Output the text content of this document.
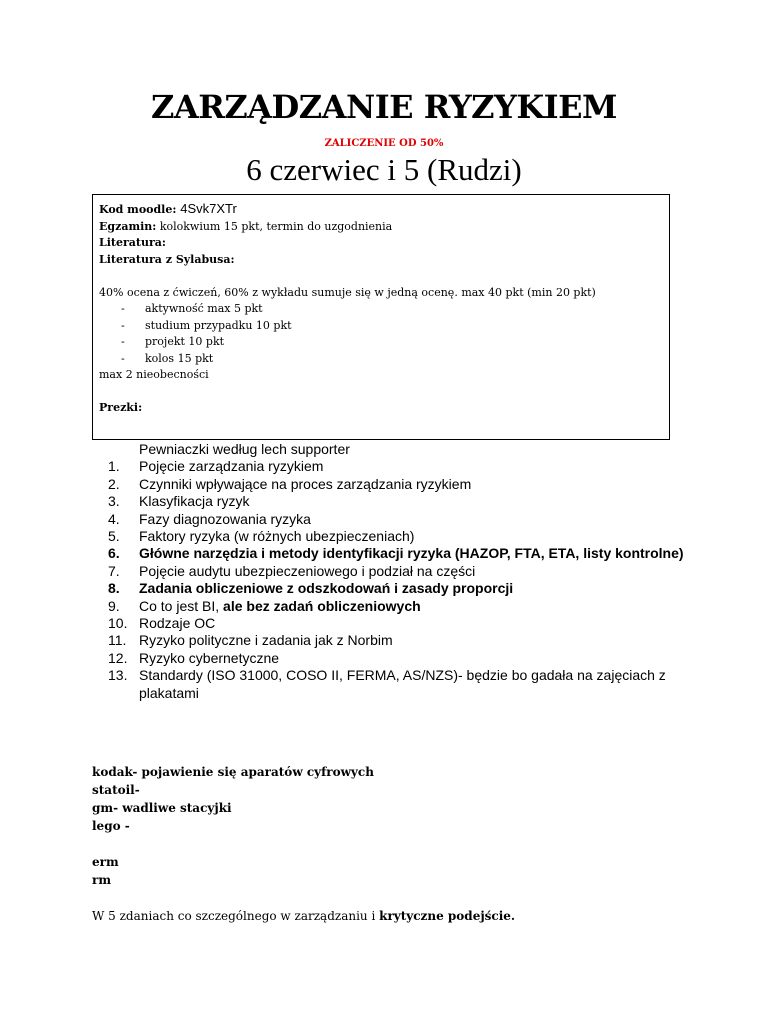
ZARZĄDZANIE RYZYKIEM
ZALICZENIE OD 50%
6 czerwiec i 5 (Rudzi)
Kod moodle: 4Svk7XTr
Egzamin: kolokwium 15 pkt, termin do uzgodnienia
Literatura:
Literatura z Sylabusa:
40% ocena z ćwiczeń, 60% z wykładu sumuje się w jedną ocenę. max 40 pkt (min 20 pkt)
- aktywność max 5 pkt
- studium przypadku 10 pkt
- projekt 10 pkt
- kolos 15 pkt
max 2 nieobecności
Prezki:
Pewniaczki według lech supporter
1.	Pojęcie zarządzania ryzykiem
2.	Czynniki wpływające na proces zarządzania ryzykiem
3.	Klasyfikacja ryzyk
4.	Fazy diagnozowania ryzyka
5.	Faktory ryzyka (w różnych ubezpieczeniach)
6.	Główne narzędzia i metody identyfikacji ryzyka (HAZOP, FTA, ETA, listy kontrolne)
7.	Pojęcie audytu ubezpieczeniowego i podział na części
8.	Zadania obliczeniowe z odszkodowań i zasady proporcji
9.	Co to jest BI, ale bez zadań obliczeniowych
10. Rodzaje OC
11. Ryzyko polityczne i zadania jak z Norbim
12. Ryzyko cybernetyczne
13. Standardy (ISO 31000, COSO II, FERMA, AS/NZS)- będzie bo gadała na zajęciach z plakatami
kodak- pojawienie się aparatów cyfrowych
statoil-
gm- wadliwe stacyjki
lego -
erm
rm
W 5 zdaniach co szczególnego w zarządzaniu i krytyczne podejście.
